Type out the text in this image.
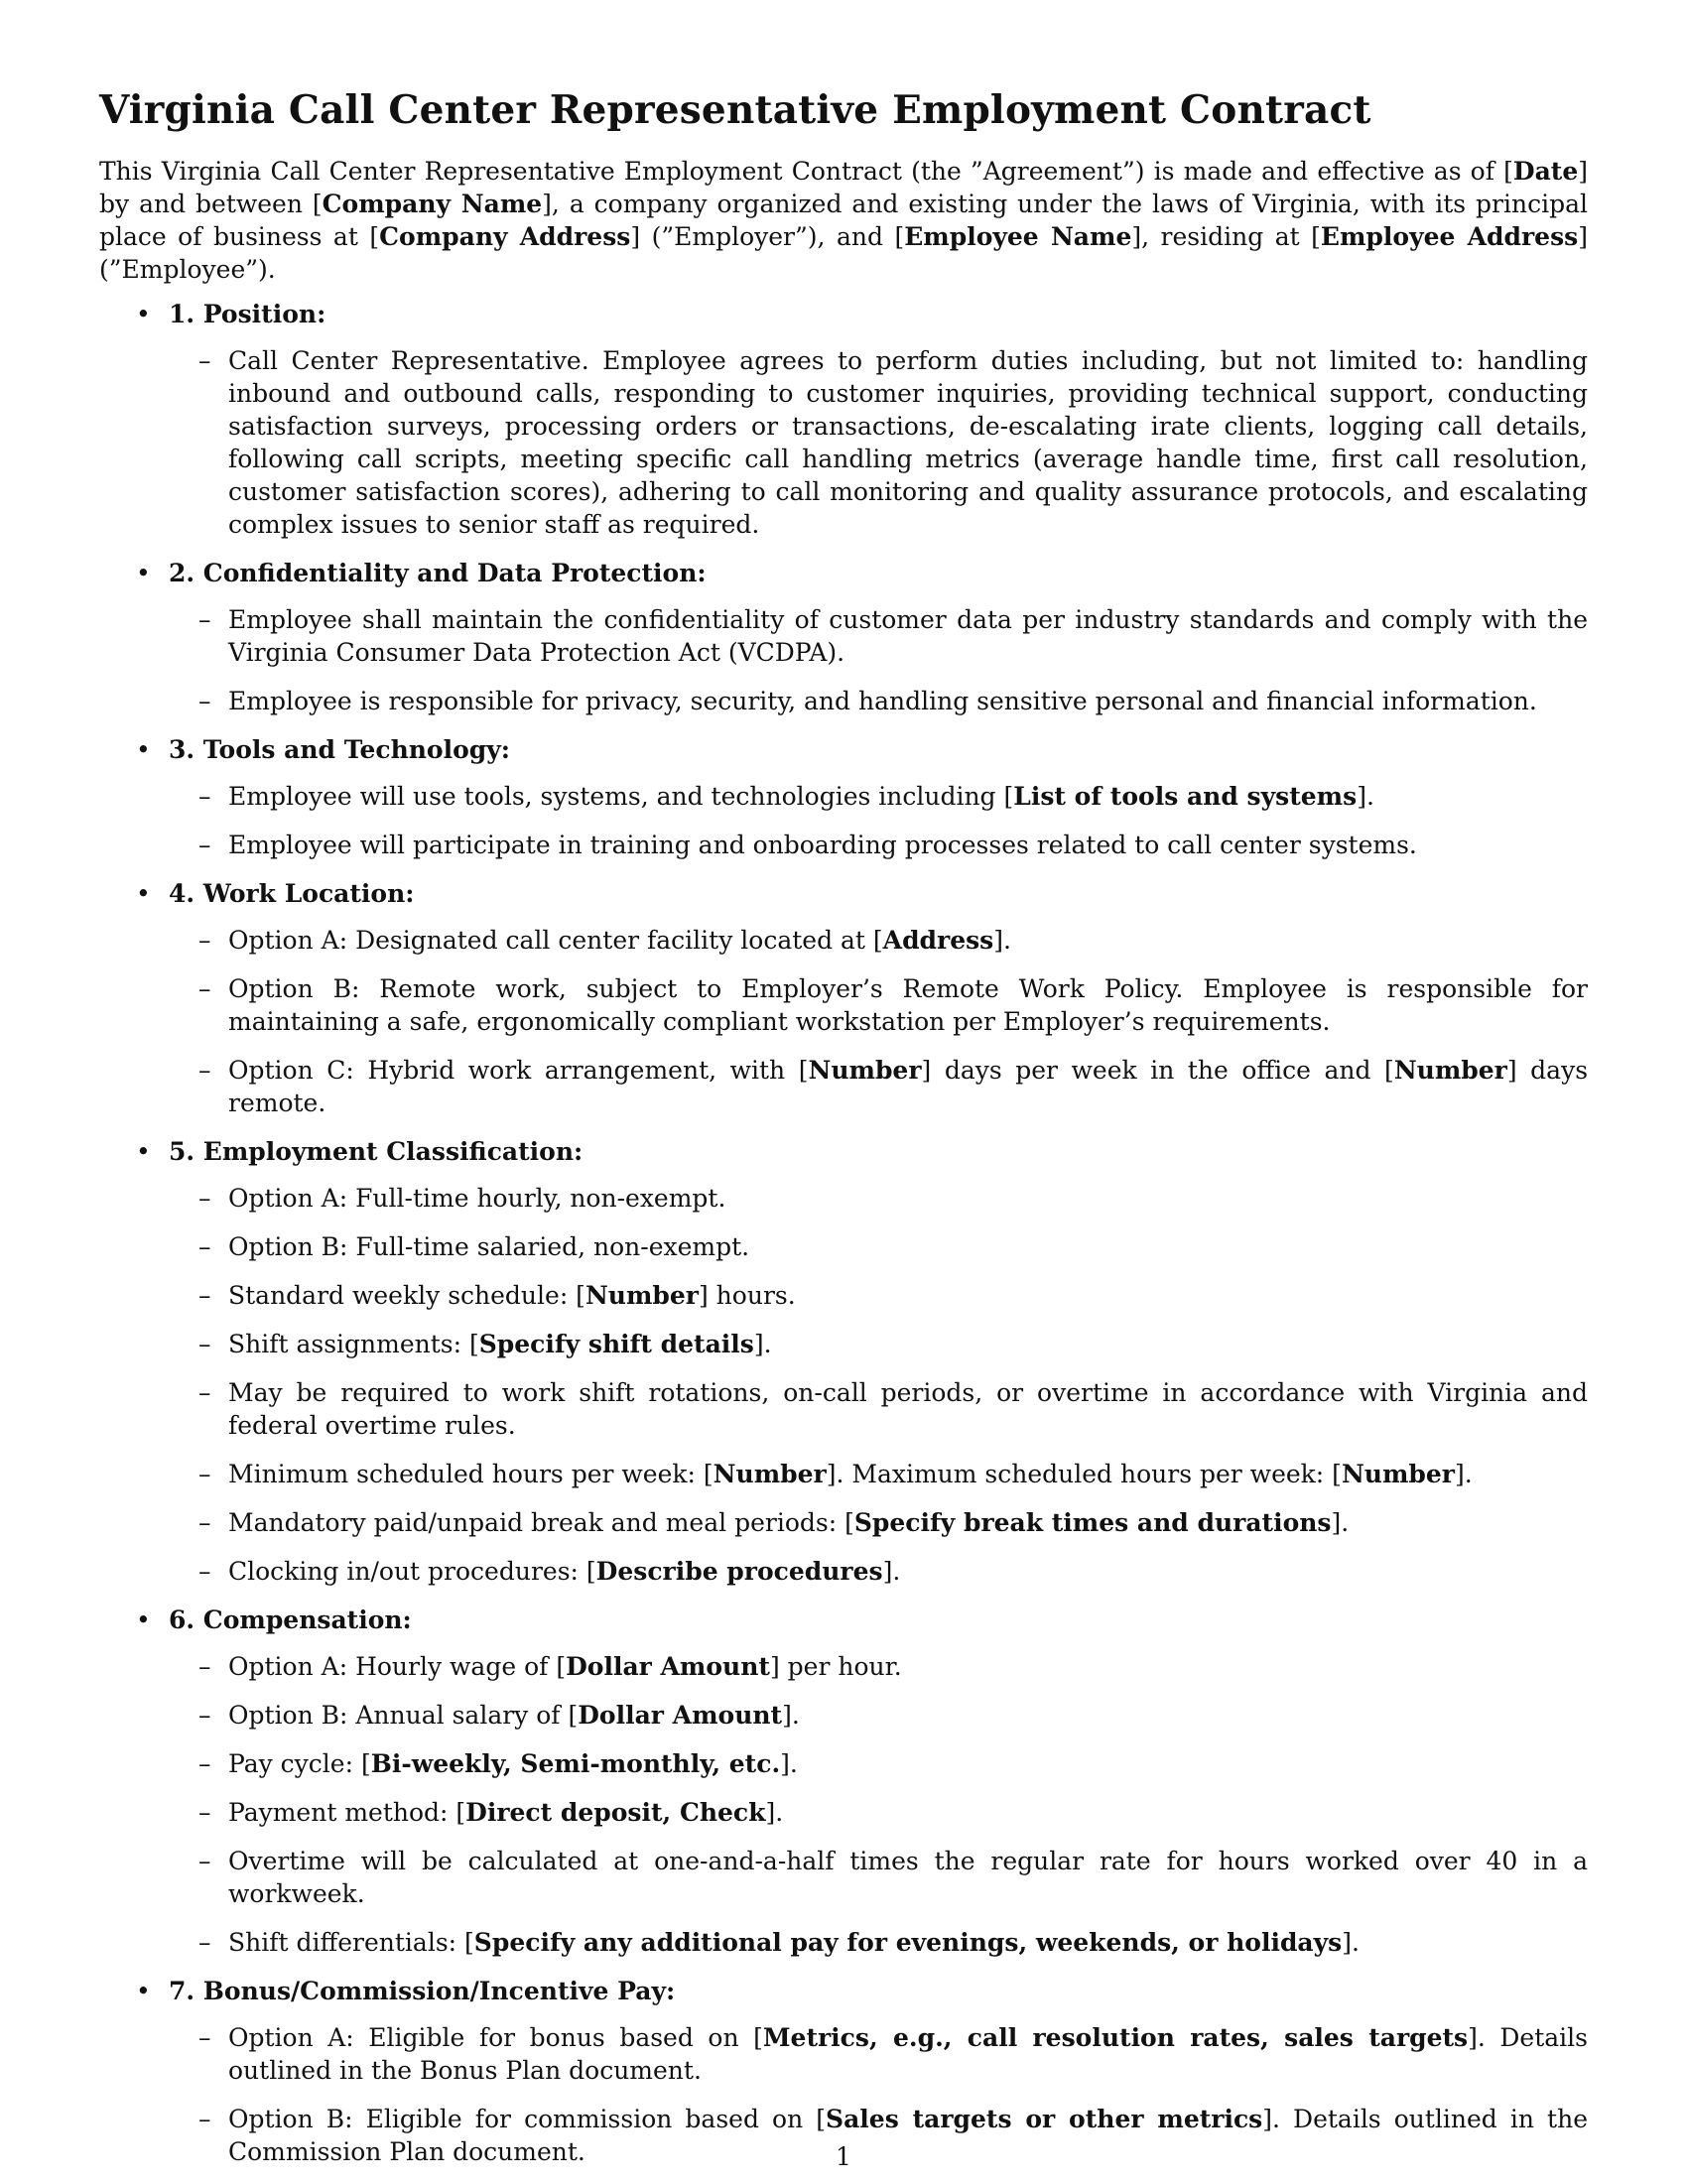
Virginia Call Center Representative Employment Contract

This Virginia Call Center Representative Employment Contract (the ”Agreement”) is made and effective as of [Date] by and between [Company Name], a company organized and existing under the laws of Virginia, with its principal place of business at [Company Address] (”Employer”), and [Employee Name], residing at [Employee Address] (”Employee”).

• 1. Position:
– Call Center Representative. Employee agrees to perform duties including, but not limited to: handling inbound and outbound calls, responding to customer inquiries, providing technical support, conducting satisfaction surveys, processing orders or transactions, de-escalating irate clients, logging call details, following call scripts, meeting specific call handling metrics (average handle time, first call resolution, customer satisfaction scores), adhering to call monitoring and quality assurance protocols, and escalating complex issues to senior staff as required.
• 2. Confidentiality and Data Protection:
– Employee shall maintain the confidentiality of customer data per industry standards and comply with the Virginia Consumer Data Protection Act (VCDPA).
– Employee is responsible for privacy, security, and handling sensitive personal and financial information.
• 3. Tools and Technology:
– Employee will use tools, systems, and technologies including [List of tools and systems].
– Employee will participate in training and onboarding processes related to call center systems.
• 4. Work Location:
– Option A: Designated call center facility located at [Address].
– Option B: Remote work, subject to Employer’s Remote Work Policy. Employee is responsible for maintaining a safe, ergonomically compliant workstation per Employer’s requirements.
– Option C: Hybrid work arrangement, with [Number] days per week in the office and [Number] days remote.
• 5. Employment Classification:
– Option A: Full-time hourly, non-exempt.
– Option B: Full-time salaried, non-exempt.
– Standard weekly schedule: [Number] hours.
– Shift assignments: [Specify shift details].
– May be required to work shift rotations, on-call periods, or overtime in accordance with Virginia and federal overtime rules.
– Minimum scheduled hours per week: [Number]. Maximum scheduled hours per week: [Number].
– Mandatory paid/unpaid break and meal periods: [Specify break times and durations].
– Clocking in/out procedures: [Describe procedures].
• 6. Compensation:
– Option A: Hourly wage of [Dollar Amount] per hour.
– Option B: Annual salary of [Dollar Amount].
– Pay cycle: [Bi-weekly, Semi-monthly, etc.].
– Payment method: [Direct deposit, Check].
– Overtime will be calculated at one-and-a-half times the regular rate for hours worked over 40 in a workweek.
– Shift differentials: [Specify any additional pay for evenings, weekends, or holidays].
• 7. Bonus/Commission/Incentive Pay:
– Option A: Eligible for bonus based on [Metrics, e.g., call resolution rates, sales targets]. Details outlined in the Bonus Plan document.
– Option B: Eligible for commission based on [Sales targets or other metrics]. Details outlined in the Commission Plan document.	1
